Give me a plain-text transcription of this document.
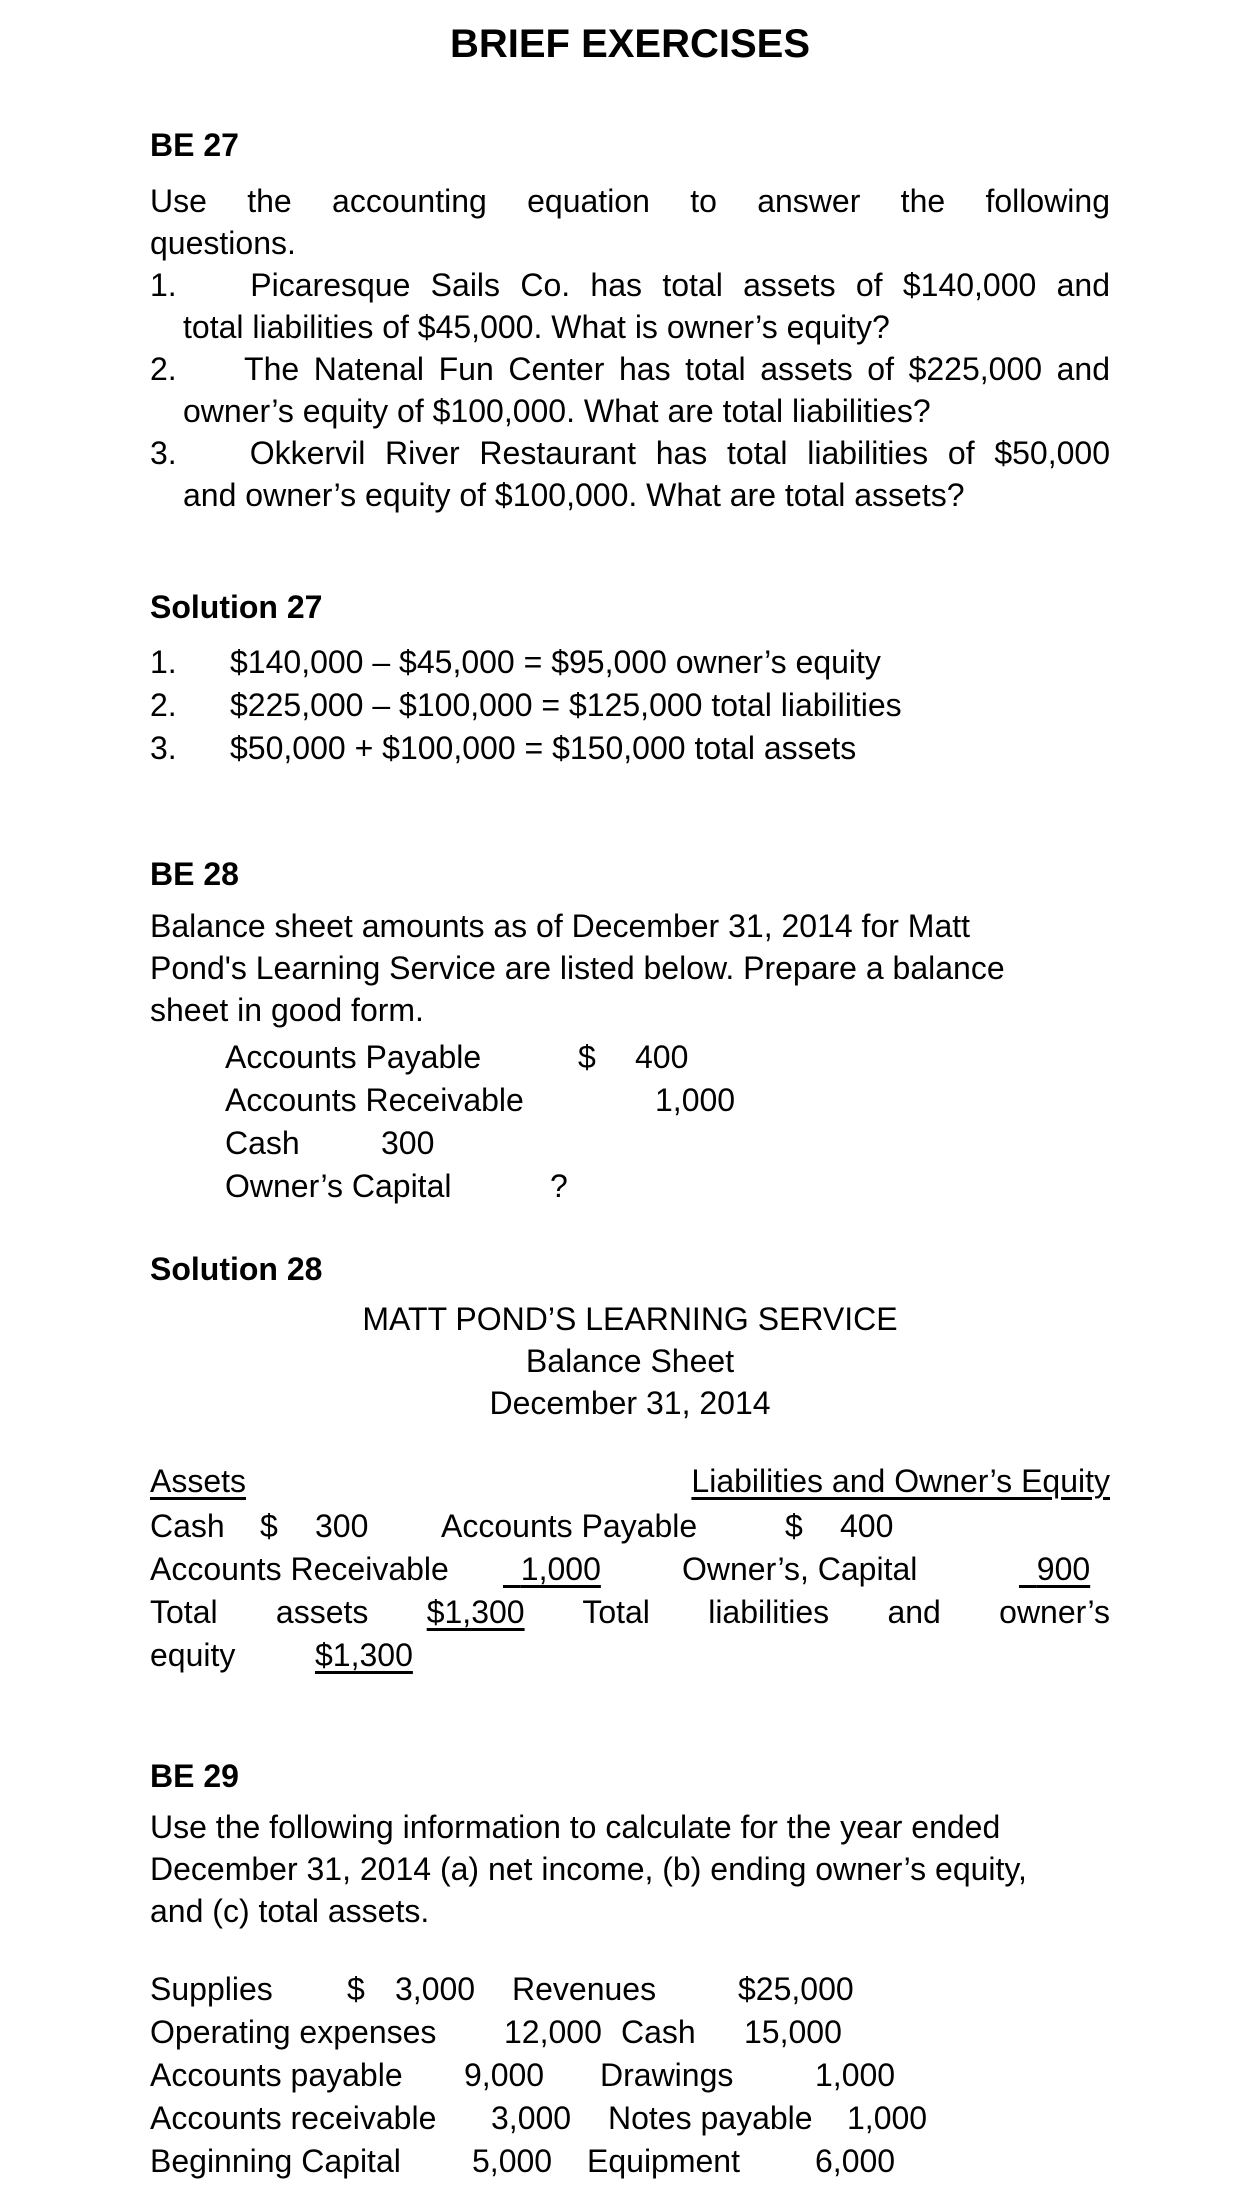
BRIEF EXERCISES
BE 27
Use the accounting equation to answer the following
questions.
1. Picaresque Sails Co. has total assets of $140,000 and
total liabilities of $45,000. What is owner’s equity?
2. The Natenal Fun Center has total assets of $225,000 and
owner’s equity of $100,000. What are total liabilities?
3. Okkervil River Restaurant has total liabilities of $50,000
and owner’s equity of $100,000. What are total assets?
Solution 27
1. $140,000 – $45,000 = $95,000 owner’s equity
2. $225,000 – $100,000 = $125,000 total liabilities
3. $50,000 + $100,000 = $150,000 total assets
BE 28
Balance sheet amounts as of December 31, 2014 for Matt
Pond's Learning Service are listed below. Prepare a balance
sheet in good form.
Accounts Payable	$ 400
Accounts Receivable	1,000
Cash	300
Owner’s Capital	?
Solution 28
MATT POND’S LEARNING SERVICE
Balance Sheet
December 31, 2014
Assets	Liabilities and Owner’s Equity
Cash $ 300 Accounts Payable	$ 400
Accounts Receivable	1,000	Owner’s, Capital	900
Total assets $1,300 Total liabilities and owner’s
equity $1,300
BE 29
Use the following information to calculate for the year ended
December 31, 2014 (a) net income, (b) ending owner’s equity,
and (c) total assets.
Supplies $ 3,000 Revenues	$25,000
Operating expenses 12,000 Cash 15,000
Accounts payable 9,000 Drawings	1,000
Accounts receivable 3,000 Notes payable 1,000
Beginning Capital 5,000 Equipment 6,000
